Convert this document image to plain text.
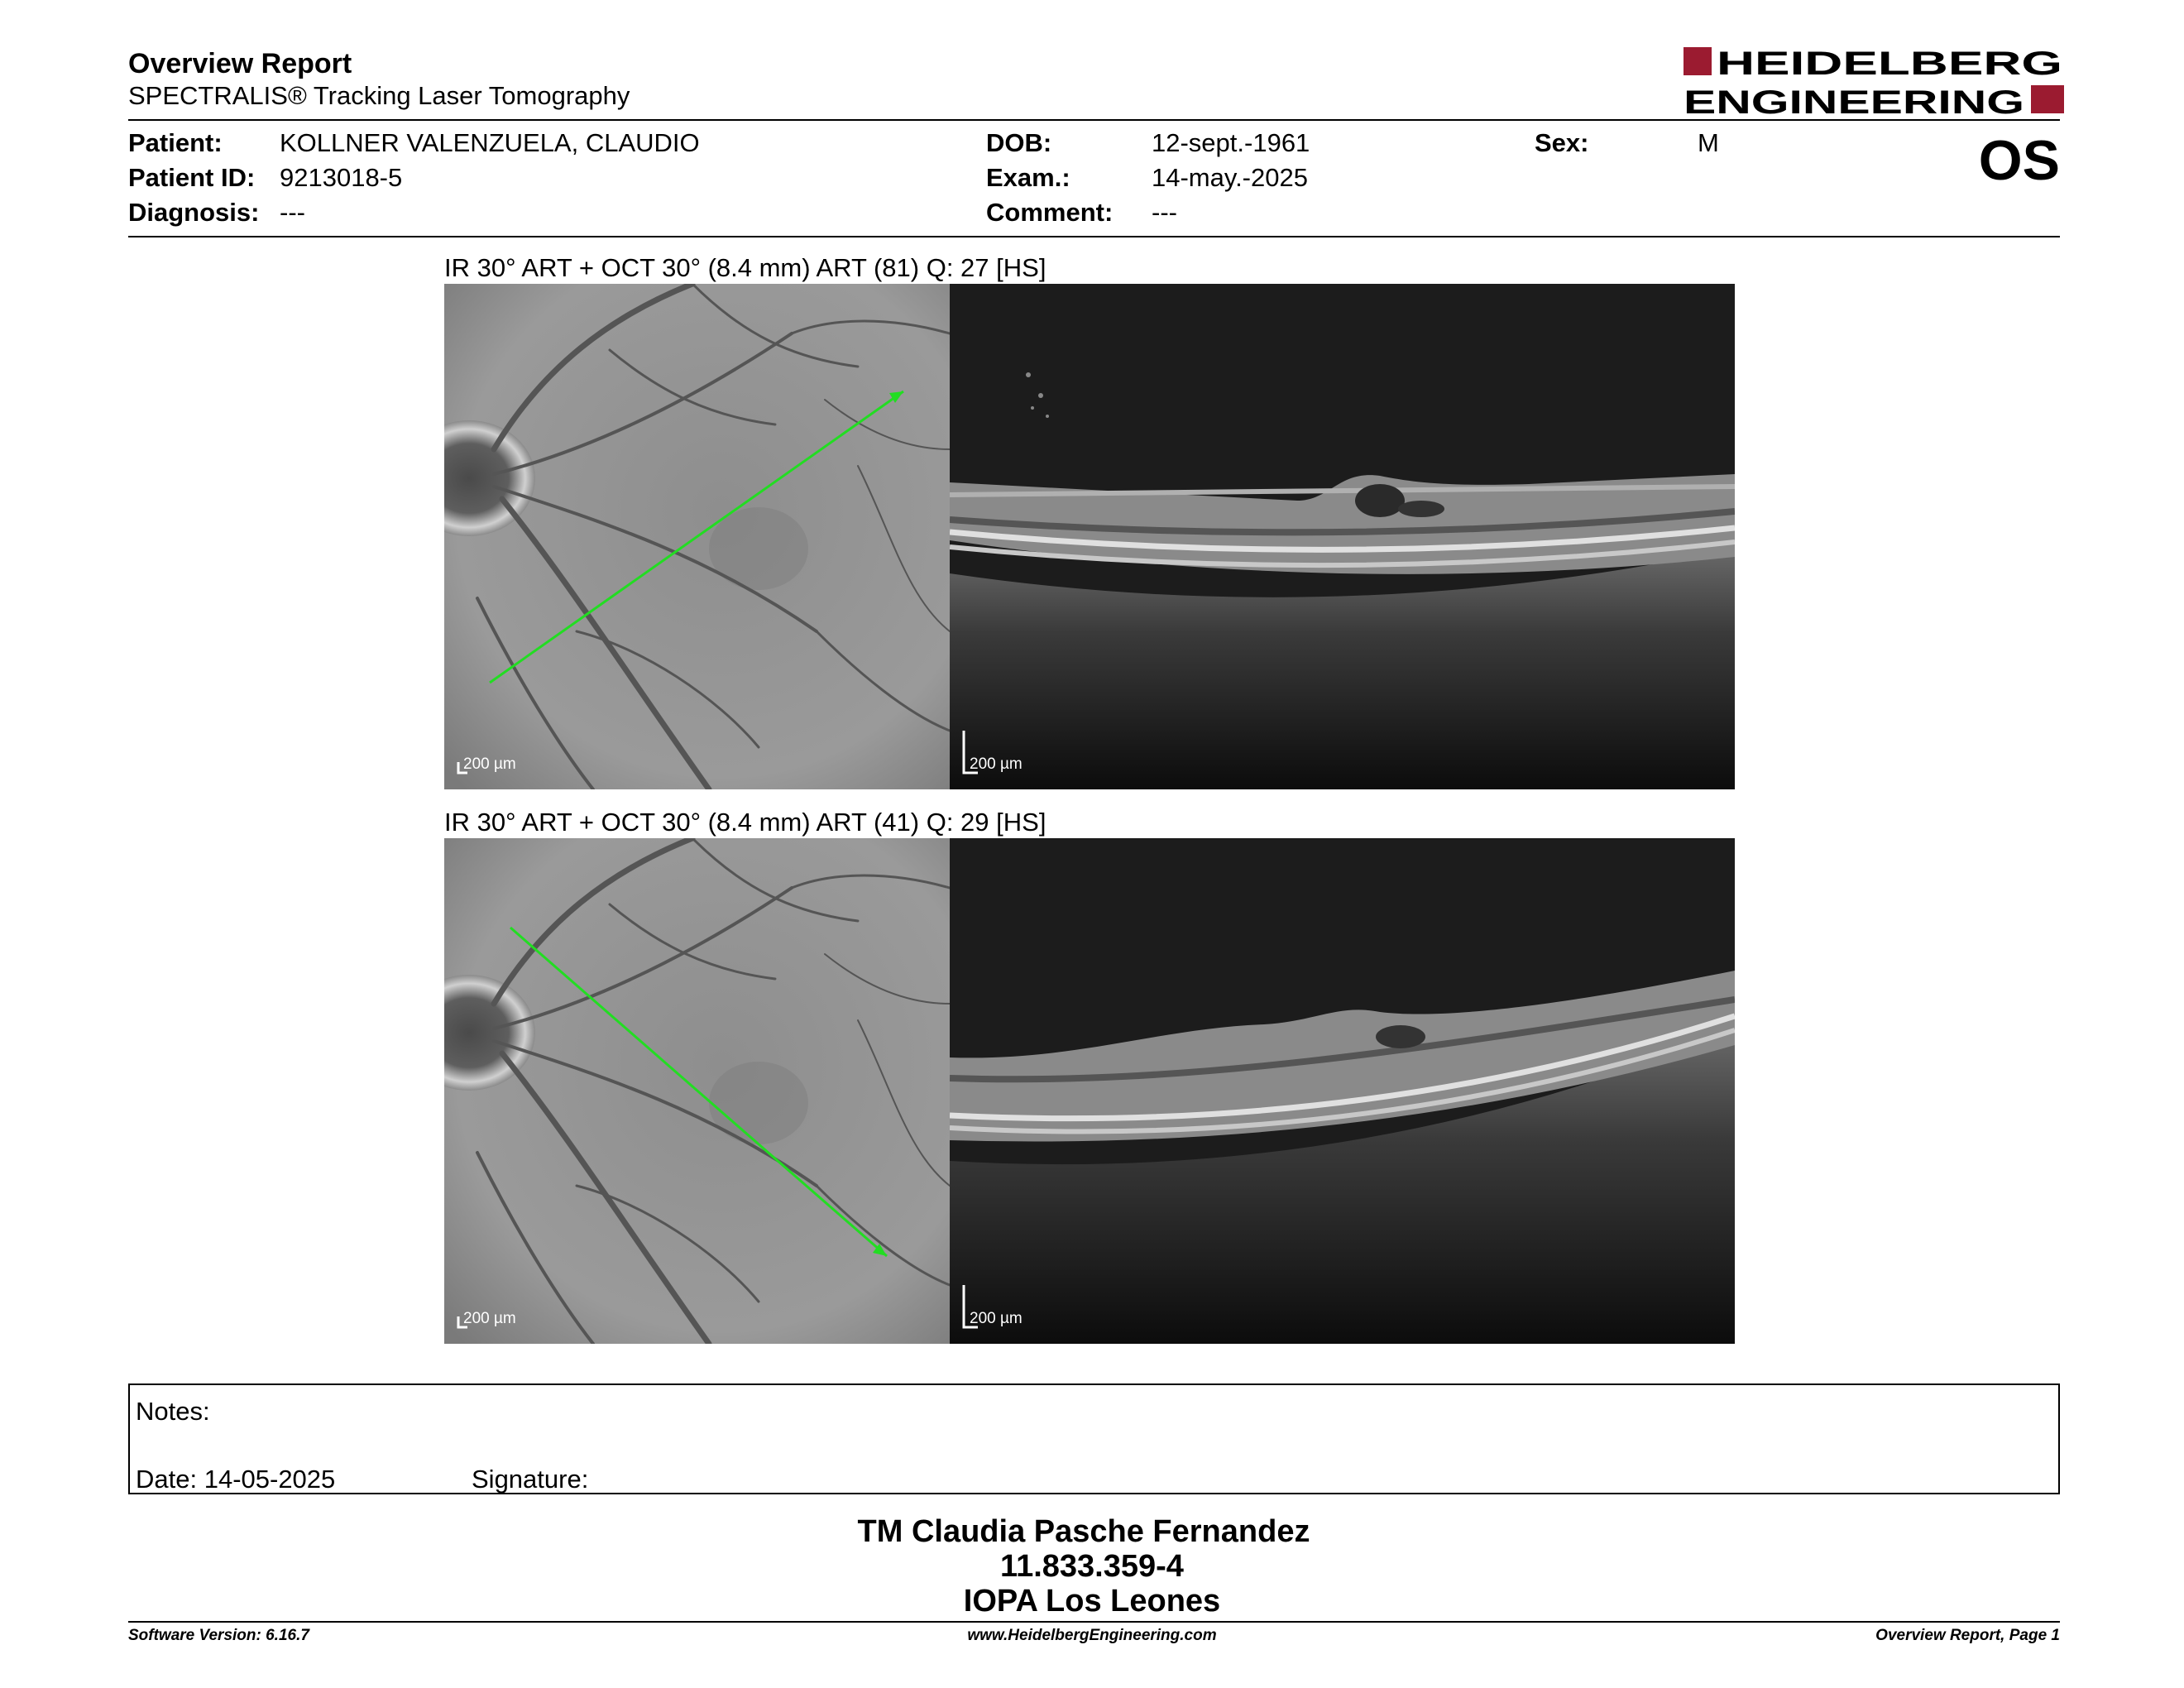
Overview Report
SPECTRALIS® Tracking Laser Tomography
HEIDELBERG
ENGINEERING
Patient: KOLLNER VALENZUELA, CLAUDIO
Patient ID: 9213018-5
Diagnosis: ---
DOB:	12-sept.-1961
Exam.:	14-may.-2025
Comment: ---
Sex:	M	OS
IR 30° ART + OCT 30° (8.4 mm) ART (81) Q: 27 [HS]
200 µm	200 µm
IR 30° ART + OCT 30° (8.4 mm) ART (41) Q: 29 [HS]
200 µm	200 µm
Notes:
Date: 14-05-2025	Signature:
TM Claudia Pasche Fernandez
11.833.359-4
IOPA Los Leones
Software Version: 6.16.7	www.HeidelbergEngineering.com	Overview Report, Page 1
